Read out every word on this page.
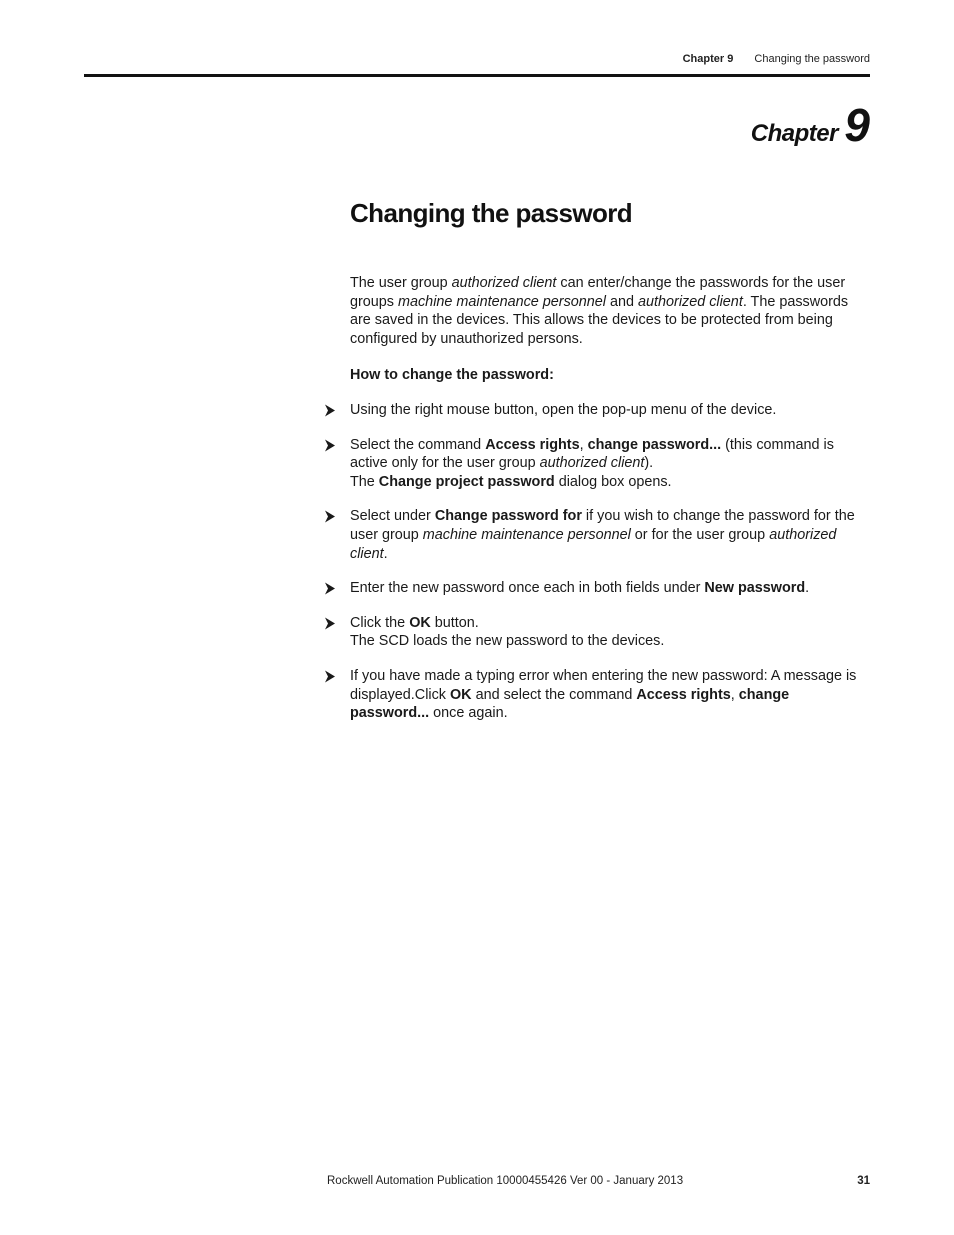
Chapter 9 Changing the password
Chapter 9
Changing the password

The user group authorized client can enter/change the passwords for the user groups machine maintenance personnel and authorized client. The passwords are saved in the devices. This allows the devices to be protected from being configured by unauthorized persons.

How to change the password:

Using the right mouse button, open the pop-up menu of the device.

Select the command Access rights, change password... (this command is active only for the user group authorized client).
The Change project password dialog box opens.

Select under Change password for if you wish to change the password for the user group machine maintenance personnel or for the user group authorized client.

Enter the new password once each in both fields under New password.

Click the OK button.
The SCD loads the new password to the devices.

If you have made a typing error when entering the new password: A message is displayed.Click OK and select the command Access rights, change password... once again.

Rockwell Automation Publication 10000455426 Ver 00 - January 2013	31
